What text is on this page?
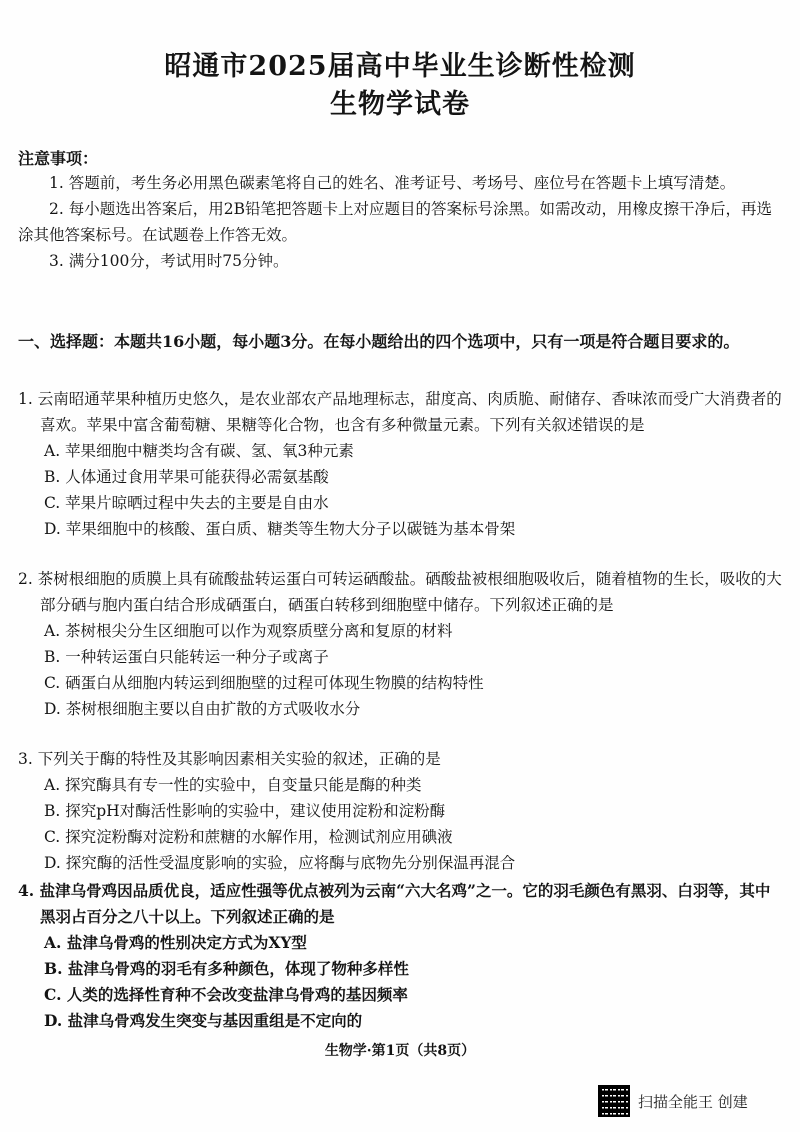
昭通市2025届高中毕业生诊断性检测
生物学试卷
注意事项：

1. 答题前，考生务必用黑色碳素笔将自己的姓名、准考证号、考场号、座位号在答题卡上填写清楚。

2. 每小题选出答案后，用2B铅笔把答题卡上对应题目的答案标号涂黑。如需改动，用橡皮擦干净后，再选涂其他答案标号。在试题卷上作答无效。

3. 满分100分，考试用时75分钟。

一、选择题：本题共16小题，每小题3分。在每小题给出的四个选项中，只有一项是符合题目要求的。

1. 云南昭通苹果种植历史悠久，是农业部农产品地理标志，甜度高、肉质脆、耐储存、香味浓而受广大消费者的喜欢。苹果中富含葡萄糖、果糖等化合物，也含有多种微量元素。下列有关叙述错误的是

A. 苹果细胞中糖类均含有碳、氢、氧3种元素

B. 人体通过食用苹果可能获得必需氨基酸

C. 苹果片晾晒过程中失去的主要是自由水

D. 苹果细胞中的核酸、蛋白质、糖类等生物大分子以碳链为基本骨架

2. 茶树根细胞的质膜上具有硫酸盐转运蛋白可转运硒酸盐。硒酸盐被根细胞吸收后，随着植物的生长，吸收的大部分硒与胞内蛋白结合形成硒蛋白，硒蛋白转移到细胞壁中储存。下列叙述正确的是

A. 茶树根尖分生区细胞可以作为观察质壁分离和复原的材料

B. 一种转运蛋白只能转运一种分子或离子

C. 硒蛋白从细胞内转运到细胞壁的过程可体现生物膜的结构特性

D. 茶树根细胞主要以自由扩散的方式吸收水分

3. 下列关于酶的特性及其影响因素相关实验的叙述，正确的是

A. 探究酶具有专一性的实验中，自变量只能是酶的种类

B. 探究pH对酶活性影响的实验中，建议使用淀粉和淀粉酶

C. 探究淀粉酶对淀粉和蔗糖的水解作用，检测试剂应用碘液

D. 探究酶的活性受温度影响的实验，应将酶与底物先分别保温再混合

4. 盐津乌骨鸡因品质优良，适应性强等优点被列为云南“六大名鸡”之一。它的羽毛颜色有黑羽、白羽等，其中黑羽占百分之八十以上。下列叙述正确的是

A. 盐津乌骨鸡的性别决定方式为XY型

B. 盐津乌骨鸡的羽毛有多种颜色，体现了物种多样性

C. 人类的选择性育种不会改变盐津乌骨鸡的基因频率

D. 盐津乌骨鸡发生突变与基因重组是不定向的

生物学·第1页（共8页）
扫描全能王 创建
